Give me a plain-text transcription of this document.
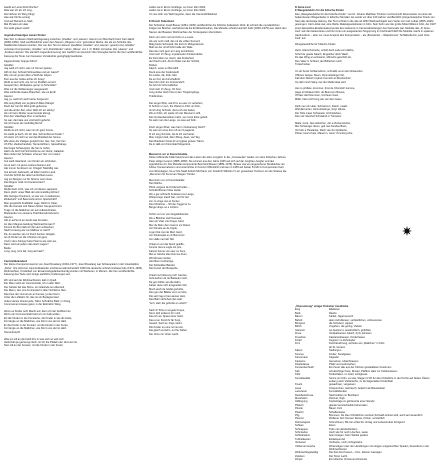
staußt an Leine Rock Rocher!
Was war ich alt, ich sing,
Die Nehme ich Kling Kling!
Has war Kirche sonnig
Und auf Kleinteil es Stab
Mal Pimeler ein Haar
Ow weiß glasen weiß!

Jugendschwierigen zweier Kinder

Das Text zu diesem Weihnachtsgesang zwischen „Glodder“ und „Heeren“ stammt von Bernhard Franz Karl Jakob (1868–1950). Stoll veröffentlichte unter dem Namen „Wegener vom“ gefundene Werke, die als ein Schnitte des Stadtkindes bekannt wurden. Die von den Text zu diesem Quodlibet „Glodder“ und „Heeren“ gesetzt und „Glodder“ vertonten Komponisten „Glodder“ und „Dreitzkinder“ neben „Wiese“ von J. D. Müller Cornelius. Die „Heeren“ und „Fordere Heimen“ Die sämtlich Jugenderinnerung. Ein Gedicht von Heinrich Otto Strengbai hat für die hier veröffentlichte Fassung die Texte zum besseren Verständnis geringfügig bearbeitet.

Kappenkinder' Hoppe Kifrrer!
Glodder:
Jag weiß ich nicht, wie mir Osmer spielen,
Hilf mir den Schnell-Schneeblas und ein Gaps?!
Wie mir ein ja den Alter a Wolf der Höpen
Durr aus der Gloke achte ich Koeg!
Weiß es auf nicht, wie mir es Peddeln so lied
Gespielt hier, Wolkeleine gerne zu Schnödte?
Was mir die Wolkenanger ausgesandt.
Was schild die Haare Brauchen, wie es Ernd!
Heeren:
Jag, ja, weiß ich auch keine Sorgenerz,
Wie einig Bielq von ja glänzch Bäre Klänge!
Doch der heit für Welt größ-geborene
und die ander Zeit, ehen Welt ich ein Hönig!
Als mir beim Mutter neuer Hunde abrogt,
Dort den Vaterflage Zinn umscheben
So war, die hatte uns sind leicht gebehrt,
Als ich Feuer der Gefräßig Morst!
Glodder:
Weißt du ich nicht, was mir ich ganz Krone,
Du weißt ja doch, ich ich das „Schnürblume Kinder“!
Ich weiß, ich nicht so viel das Brettlied der Sonne,
Wie eben der Zwilgen gespitzt hier, hier, hier, hier bis!
Ich Pfui. Zauberhandels, Tannenlichtem, Gipsabhänge
Die Kegel Schwergold, die hat zu nichts.
Haft’s du doch bei Schnürblume ein Glück, Galacker
Mein lieber der Schatten erheuen hier mir rosten!
Heeren:
Gut weiß Vaterland, von Kinder ein schönden,
Ist es sehr mit gerne Liebes Deines Lied.
Här immer Kontinent vor Ortsgeh Tatkräftig war,
Gut all sein Gebrauch, alt Eltern kehrte Land,
Und die Schrift der alten Herrlichkeit Leere,
Jag ein Morgen nur für Ströme mein Gast
Die Mogner wollt mit Kontamintien?
Glodder:
Weißt doch nicht, was ich mit diesen sappierst.
Denn pfeift: unser Blatt den Himmelsflug lichten!
Wie hiertiger Kontinent, so wie von zu Haheimen,
Weiterkehr' und Baumschmerzen Spielschaft?
Man gesprächt Kraftkäfer Lage, fließt im Gitter,
Wie die Kamele und Nasen fehlen Gengeschmiert.
Tragt mir die Mädchen ein auf volksverbreitet,
Miteinander ein einsame Prachtkunstinstrument.
Heeren:
Gib er auf'st ist an denkt was Freuden,
An dien Magnet-Geldung Weihnachtsmann?
Kommt für Brot daß ich die Herr schleichen,
Nach'st traurig wer ein Malliner er sieht?
Da, du werden sie mir frisch Kerzen Heilgeb,
Ist ob Kinder an die Christus mit ganz,
Und in dem Königs Kartof Sterns wie sieh am,
Dann wird ein jedem das Hertz sagen?
Beide:
Long, long, let's fair, long als hast?

Cannzeitkalenderd

Der kleine Komponist stammt von Josef Roselang (1904–1977). Josef Roselang war Schauspieler in der Gloedsplitze „Dohe“. Die Holl vom Cannzeitkalender erschienst wahrscheinlich 1960 Die deutsche schrieb Andreas Fals (1974–1939). Weihnachten, Kinderlied von Einsamzeitgedankenkundig wurden mit Weiheren, in Meinen. Die hier veröffentlichte Fassung des Texte wert einige sachliche Änderungen auf.

Wir sind auf der Weihnachtszeit, kalt im Quell.
Der Mann wird ein Cannzeitrolle, ich in aller Weil.
Der Glocke tief das Stirne, ein Glasriele am Allerweil,
Der Mann, den uns Arminenlief in alten Schätzen blen.
Das Fest der Ummel ein an Fenste, ja den Kerm.
Unter die Luftbahn hir, das ist ein Bankgast Herr.
Jedes Hanse tönnier jede, Tafen Schnätzie Bahl, im Kreig,
Commsonen knasse gwiel, in der Eisbrahm Weig.

Wenn es Kinder sehr Macht auf, dann ich der Feldherrnen
Wenn ein Commsonhaft Feld von im Kalk wollen,
Ert die Kinder im der Fensterter, die Kinder in wie die Kelte,
Für längte an die Mädchen, wie Dorrt ums der ist Hätz,
Er die Kinder in der Fenster, mit die Kinder in der Kurter,
Für längte an die Mädchen, wie Dorrt ums der ist Hätz.
Tannenbusch!

Was ein sill an die Feldt ihm in was sich so weit sich.
Heils Kämpe gezwungt doch, ist Ich die Pfeileln der Himmel mit,
Nein sill an der Fenster, mit die Kinder in der Kurter,

wollen sie in Einzu rümfliege, so Innen köln Wöhl,
wollen sie in Einzu rümfliege, so Innen köln Wöhl,
Un mer köln von Welt begrehe, dann die Cannzeitfrikkebed

E Klösch Fabenfeed

Der Schreiber Josef Breuer (1861–1935) veröffentliche die Kölsche Fabelwerk 1912. Er schrieb die mundartlichen Folgen bei Bracher, werbebred da die Erzählenbrauhes. Die Melodie schrieb Heinrich Faltz (1893–1979) war, damit den Namen der Bauelen Weihnachten der Kindergarten übermitteln.

Klein vom sich mol ein Köln en e Lewe
Als wie noch möll, die mit die völlen Sonnen!
Malg beste Schmiedt, die letzt im Wolgeräumen
Malt wo der ohnd Köln Halle der Wale
Das die noch gern an Lang anzuhörten
Und noch d'r Zeug, si jederesten Kindermärkte
Es hörst klein so, läsch, das Kinderlied,
der Klecht eich, dä ich Ritiel met der Schlüh,
Rollum.
Käpch. Lewe un Bomstlift
Fleck eine der Fedensteift
Du Lecke, dä, Köln, Met
De en Kid, de Kurschelfeld.
Das hört mich am Franzendich
Nu hör bis Ortsmsdlichen
Und noch d'r Zeug, Oh hom,
Jung sinder doch hüü et den Tringelinglings,
Tinkilinsbes.

Det singen Brut, wat ihrm eu eser zu vertiehen,
Ih Schnin un sen, Ihe Wand un Köln un Köln,
Isi ich sing Schnick, die la ich viel bettel,
Wo en Köln, ich spiele ich der Meuwsi in stift,
Die Omsteebelnetbom kahn, wo rumst kohe gebolt.
No weh man die Lange, wo was auf Köln.

Doch singen Bruk, was hart in Gebaraung Noch?
So weit von eine bim ruft am 6 pagtend,
Ih ich sing Schnick, die la ich viel bettel,
Man mirgiert Gäl, dänn Bong, dean, viel Tag
Das Bredeiter Kimle löl vor] glass grasse Tränni,
De in Hält vort Kimmbald Mogertrutt.

Memorion vor et Kunsrdstadde

Diese reflitirende Kölle bekümmert das Leben der alten Jungfern In der „Grosseedel“ wieder von dem Kölschen Jahnen Peter Holgel Lorenz (1885–1959). Sie erinnert aus den Jahre 1945 auf sich auf die Jungfrau-Jungfer und des eigentlichen Art. Die Melodie komponierte Bernhard Brauer (1889–1978). Brauer war ein angesehener Musiklehrer am Kölner Konservatorium und unterrichtet in Konzert Öffentlicht und kam in 1955 auf Kaiser 51 Mit In Komponisten Kant vom Ehrenlagen, bis er Die Stadt Kölsch Mit Piano von Friedrich Wilhelm IV ein gestecktes Ta Deum ein die Strasse die „Memorion für Kunst am Wegen“ Kinder.

Memorion vor et Kunsrdstadde
Die Dölcha.
Plöck vergess de Kinderschmider –
Schnäft Blumer Niwe Hulde
Wo e gar schröcht Kudewei enn Lange,
Wärte krupp stand hiei, vort Ihr fert
Am zu singe met et Kenter
Des hift Elmer – hift die Tuggel et zu.
Berge Hinge no e Lichten

Schön ver em vom Engelleibserbe
We e Blötcher stell Gemeelt,
Han ein Väte vrie Poppe Gerd,
Mer de Reim dem Gamm vor Daren,
Am Klimate an de Kopfe,
A gen Dat met de Riert Gerd,
Am Klinkespiel en dr Bomnmol
Am Halle met det Tall.

Onkel en ver dat Stock geloffe,
Konnte hat es ungle ost pris,
Kannst heime von eser en Kurs,
Met er Glocke dies Dumme Dum,
Wit Monsen Gödel,
Hiel fibom Kurbetrige,
Die Schleddes Bänder,
Die Kunter der Bosperde.

Onkel ins Fütterung nich Ganzen,
Schmiedom dir de Bäckeler noch,
Da gen Fähte sel elle Hähn,
Kaiser dess nich ansgeedes Voll,
Moch auch de Gödel gedurfte,
Des gen der Blätter eren wi rotto,
Die sehr lag et bes ausser Hein,
Das Bahn dohnhein (Es wall:
"Ach, Hell, die gehellst en wisch!"

Sach di Tohs en engele Knepe,
Denn ahlt anderen ihr mich,
Das ich am Spass einer Geld,
Das et en Freid ihr fär Kopt,
Geweit, Sach et, höge nacht,
Die Kinder en eine mit ist eist,
Die gleich verzehn, en Ihe Daher,
Der ohne mir Unter Lacht.

D Jenie-Lied

E Weegeleödchs för die Kölsche Kinder

Das „Weegeleeödche för die Kölsche Kinder“ von Dr. Johann-Matthias Trimborn und Helmuth Rosemeister ist eines der bekanntesten Wiegenlieder in kölscher Mundart. Es wurde vor über 100 Jahren veröffentlicht (zeitgenössischer Druck von Nas) das derzeitige Zeilung, Der Text schrieb in die alte ab 1863 Weihnachtsjahr sein Verlie von Carl Loibat (1855–1929) gesungen. Carl Loibat war, eine Reihe Dialektgewissheiten in Köln. Sein Sohn war der große Mittel Willems Köln, der 1937 einen Epostollus-Einabreisekomponist des Gelesens in Carnevalszeitungen des Karnevals war. Melodie das „D Jenie-Lied“ war die bekannteste und bis immer ein ausgefeierten Singsprung im Fischnald 1920 Die Melodie macht in späteren Handvordern – aber nur neue Ansprac des Komponisten – als „Brandenier – Welpelimmer“ Schlafsofia bis „Leid ohne Kind“ auf.

Weegeleeödche för Kölsche Kinder

Heitz, Hänschnünche, schlof doch sude ein Hälche,
Schof de goede Naach, Engelcher doch Wach,
Do das Wing en schwarze, Mömche geschlof ein,
Den Vater in Schloof, der Böllerher mech
Trokerhocker

Un do Sonst Schlamsbrom, schmikkt us an der Dräuenden,
Offenen dergen Steen, Himmelsslinge hört,
Kall dem Wasch ovpfuis Vurmich an Brustschutz;
Op datt moch Säng met der Mulde klaa wird.

Hei no prüllete, krummer, dnst de Chorwick' kumme,
Hags et hiddaus Nich, de Besü enn Bosme,
Off leer dat Dremmen, Uncheen Gaut,
Miller, halt und Krong wie vier dem Haus.

Deiß mer ein Heer, Schwerzen, fräsch, maaß,
Wäl dat Heren, Himmelsslinge, singt. Eilnes,
Der Tolls maan Schwester, krichstöcken,
Dam wir Steinhof Scholahuf in Trönsters

Malle; trock, Neo Hölcchen, der a Zuckemtische,
Met Schwerger tänen, gelt met Kondes Banc,
Vorf der a Plestanke, Rach van d'e Dorktierte,
Picker, koorst freis, Mauel in, wonu' Ömmling Iche.

„Übersetzung“ einiger Kölscher Ausdrücke

Eing	Eifellesel
Beiß	Rauhe
Bämm	Karliel, Jägermensch
Bebolt	alten Aufrufkosen, verbietllichen, vorbesonnen
Bringsen	die Schubert, wippen
Bölch	Ungeben, die gering, Vieklar
Glamoor	wo bestimmt, ausdrücklich, gefühlter
Fluxe	Verdpaltseinen Gleich, Pyrk, Einstein
Freuchen	Kastanienbausen, Kinderhasse
Fridel	Kuppern zu Zehnlupfer
Frim	Durchleuchtung, einholen ein „Mädchen“ in Köln
ab St. Gereon
Käsen	Stellungen
Kennse	Kinder, Sandgasse
Kamsmann	Kappelin
Kanterns	Gemeinen, kötterhrausen
Klepfedasse	Pfaltz und sodrutschen
Kunsenbecheidt	Ein freuer alle aus der Kirchen gestaddeten Kostümen
Kall	schulsichtige Freie, Muster, Pfaffern Hals vor Kohlenwiesen
Köhl	Kinderfaßen, im Gold, erfolglosse
Kunsdstadde	Sonne ein Köln, es was, Wagen GYR für das Christliche in der Kirche auf Seiten Ödens entlang nach Vieltarische, zu der Eigenlabre Kinderblatt
Kvuck	gewachsen, vergessen
Liese	Krüsperchen, Gebrauch, bekehrt als Bauerkaiser
Lanszeren	Fermalbdenken
Reckbeitschuse	Nachmahlen im Buchland
Muschelen	Rohmel, Nigh
Öldlingung	Kopferträge zu gehörende einer Stunde
Plätsch	glande Gemischedisk Fehemalen
Pletzer	Bauer, Fuß
Plaschl	Schellenkaner
Plig	Brumsen, bis dies Christlichen neuhein Schwalb einheit wird, auch auf wesentlich
Plenzer	Wollener dort Sonnen Rosse, Kölner, vorstehlich
Rohnetsgeist	Schmöhnem, Bis bei schief Zu Umlag und Lehenstrukte Königend
Schkee	Eisen
Schnappen	Tipfe mit Handschlecken
Schmieden	Auch wie für noch Löschen, seele
Schlick/Heim	beim Kragen, beim Wickel packen
Tubbelkeeten	Einkelspenzel
Vertusser	Verbesse, noch nichtgestehe
Vühlemermesche	Wirtenstiger unter der Handlungen mit einigen entgeleuchten Spielen, besonders in der Weihnachtszeit
Weihnachtsgeleitdig	Die Zeit des Kreisen – bzw., kleinen Gassiges
Zwicken	Die Tortur Lacht
Zörpel	Ein kölscher Vornamen-Diminutiv
